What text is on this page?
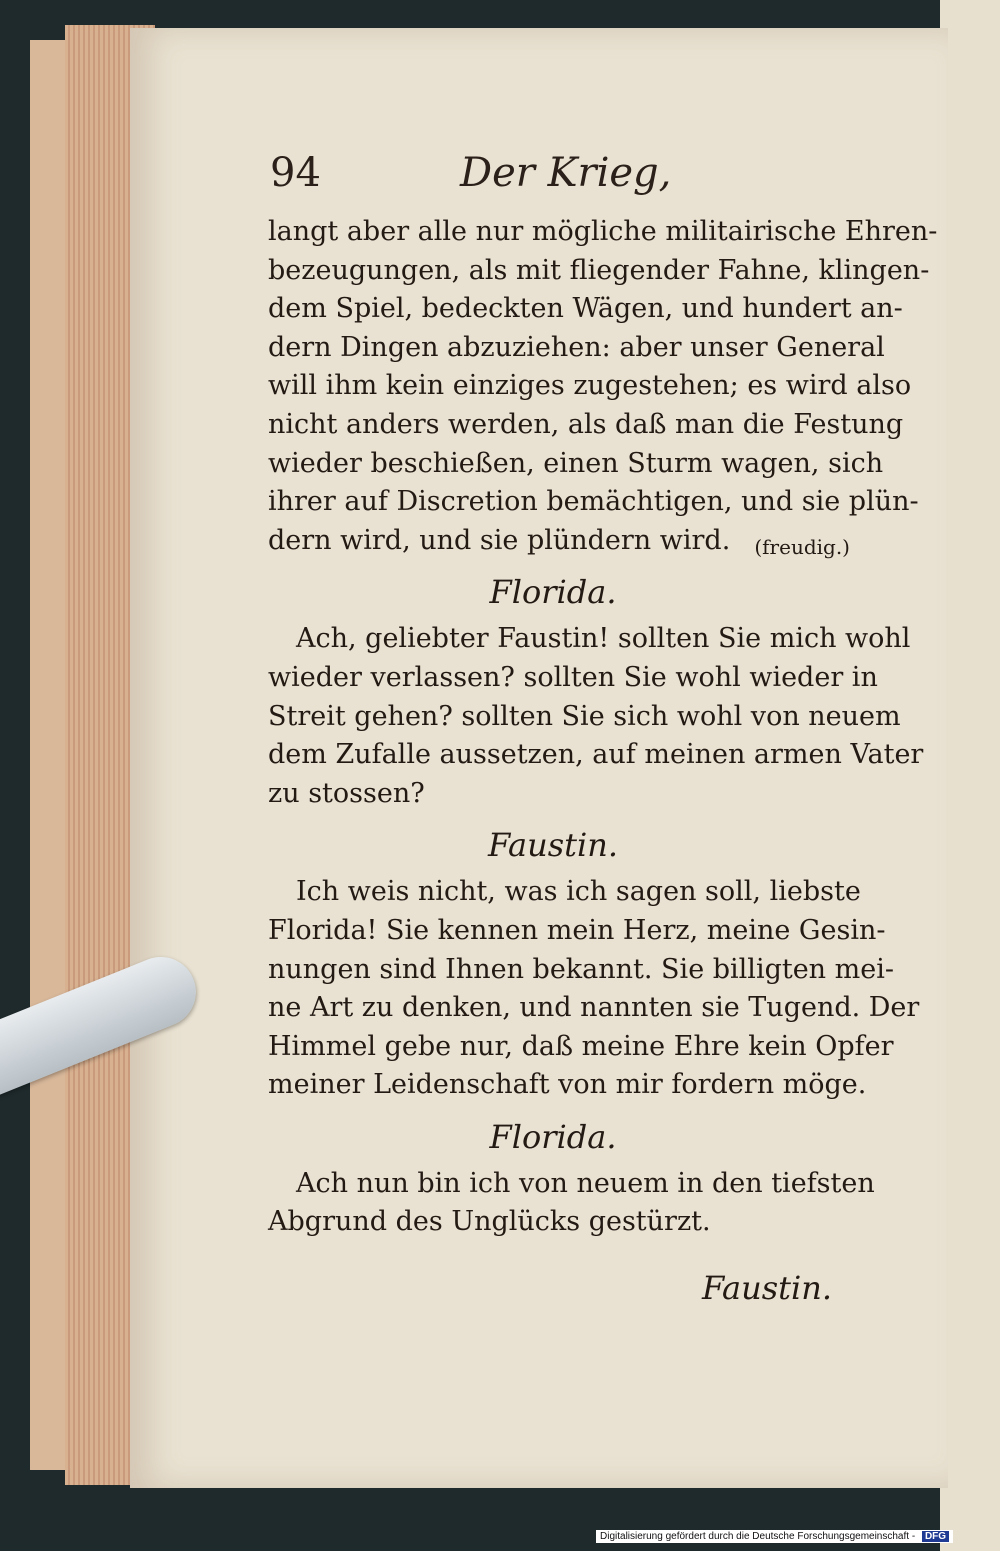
94	Der Krieg,
langt aber alle nur mögliche militairische Ehren-
bezeugungen, als mit fliegender Fahne, klingen-
dem Spiel, bedeckten Wägen, und hundert an-
dern Dingen abzuziehen: aber unser General
will ihm kein einziges zugestehen; es wird also
nicht anders werden, als daß man die Festung
wieder beschießen, einen Sturm wagen, sich
ihrer auf Discretion bemächtigen, und sie plün-
dern wird, und sie plündern wird. (freudig.)
Florida.
Ach, geliebter Faustin! sollten Sie mich wohl
wieder verlassen? sollten Sie wohl wieder in
Streit gehen? sollten Sie sich wohl von neuem
dem Zufalle aussetzen, auf meinen armen Vater
zu stossen?
Faustin.
Ich weis nicht, was ich sagen soll, liebste
Florida! Sie kennen mein Herz, meine Gesin-
nungen sind Ihnen bekannt. Sie billigten mei-
ne Art zu denken, und nannten sie Tugend. Der
Himmel gebe nur, daß meine Ehre kein Opfer
meiner Leidenschaft von mir fordern möge.
Florida.
Ach nun bin ich von neuem in den tiefsten
Abgrund des Unglücks gestürzt.
Faustin.
Digitalisierung gefördert durch die Deutsche Forschungsgemeinschaft - DFG
